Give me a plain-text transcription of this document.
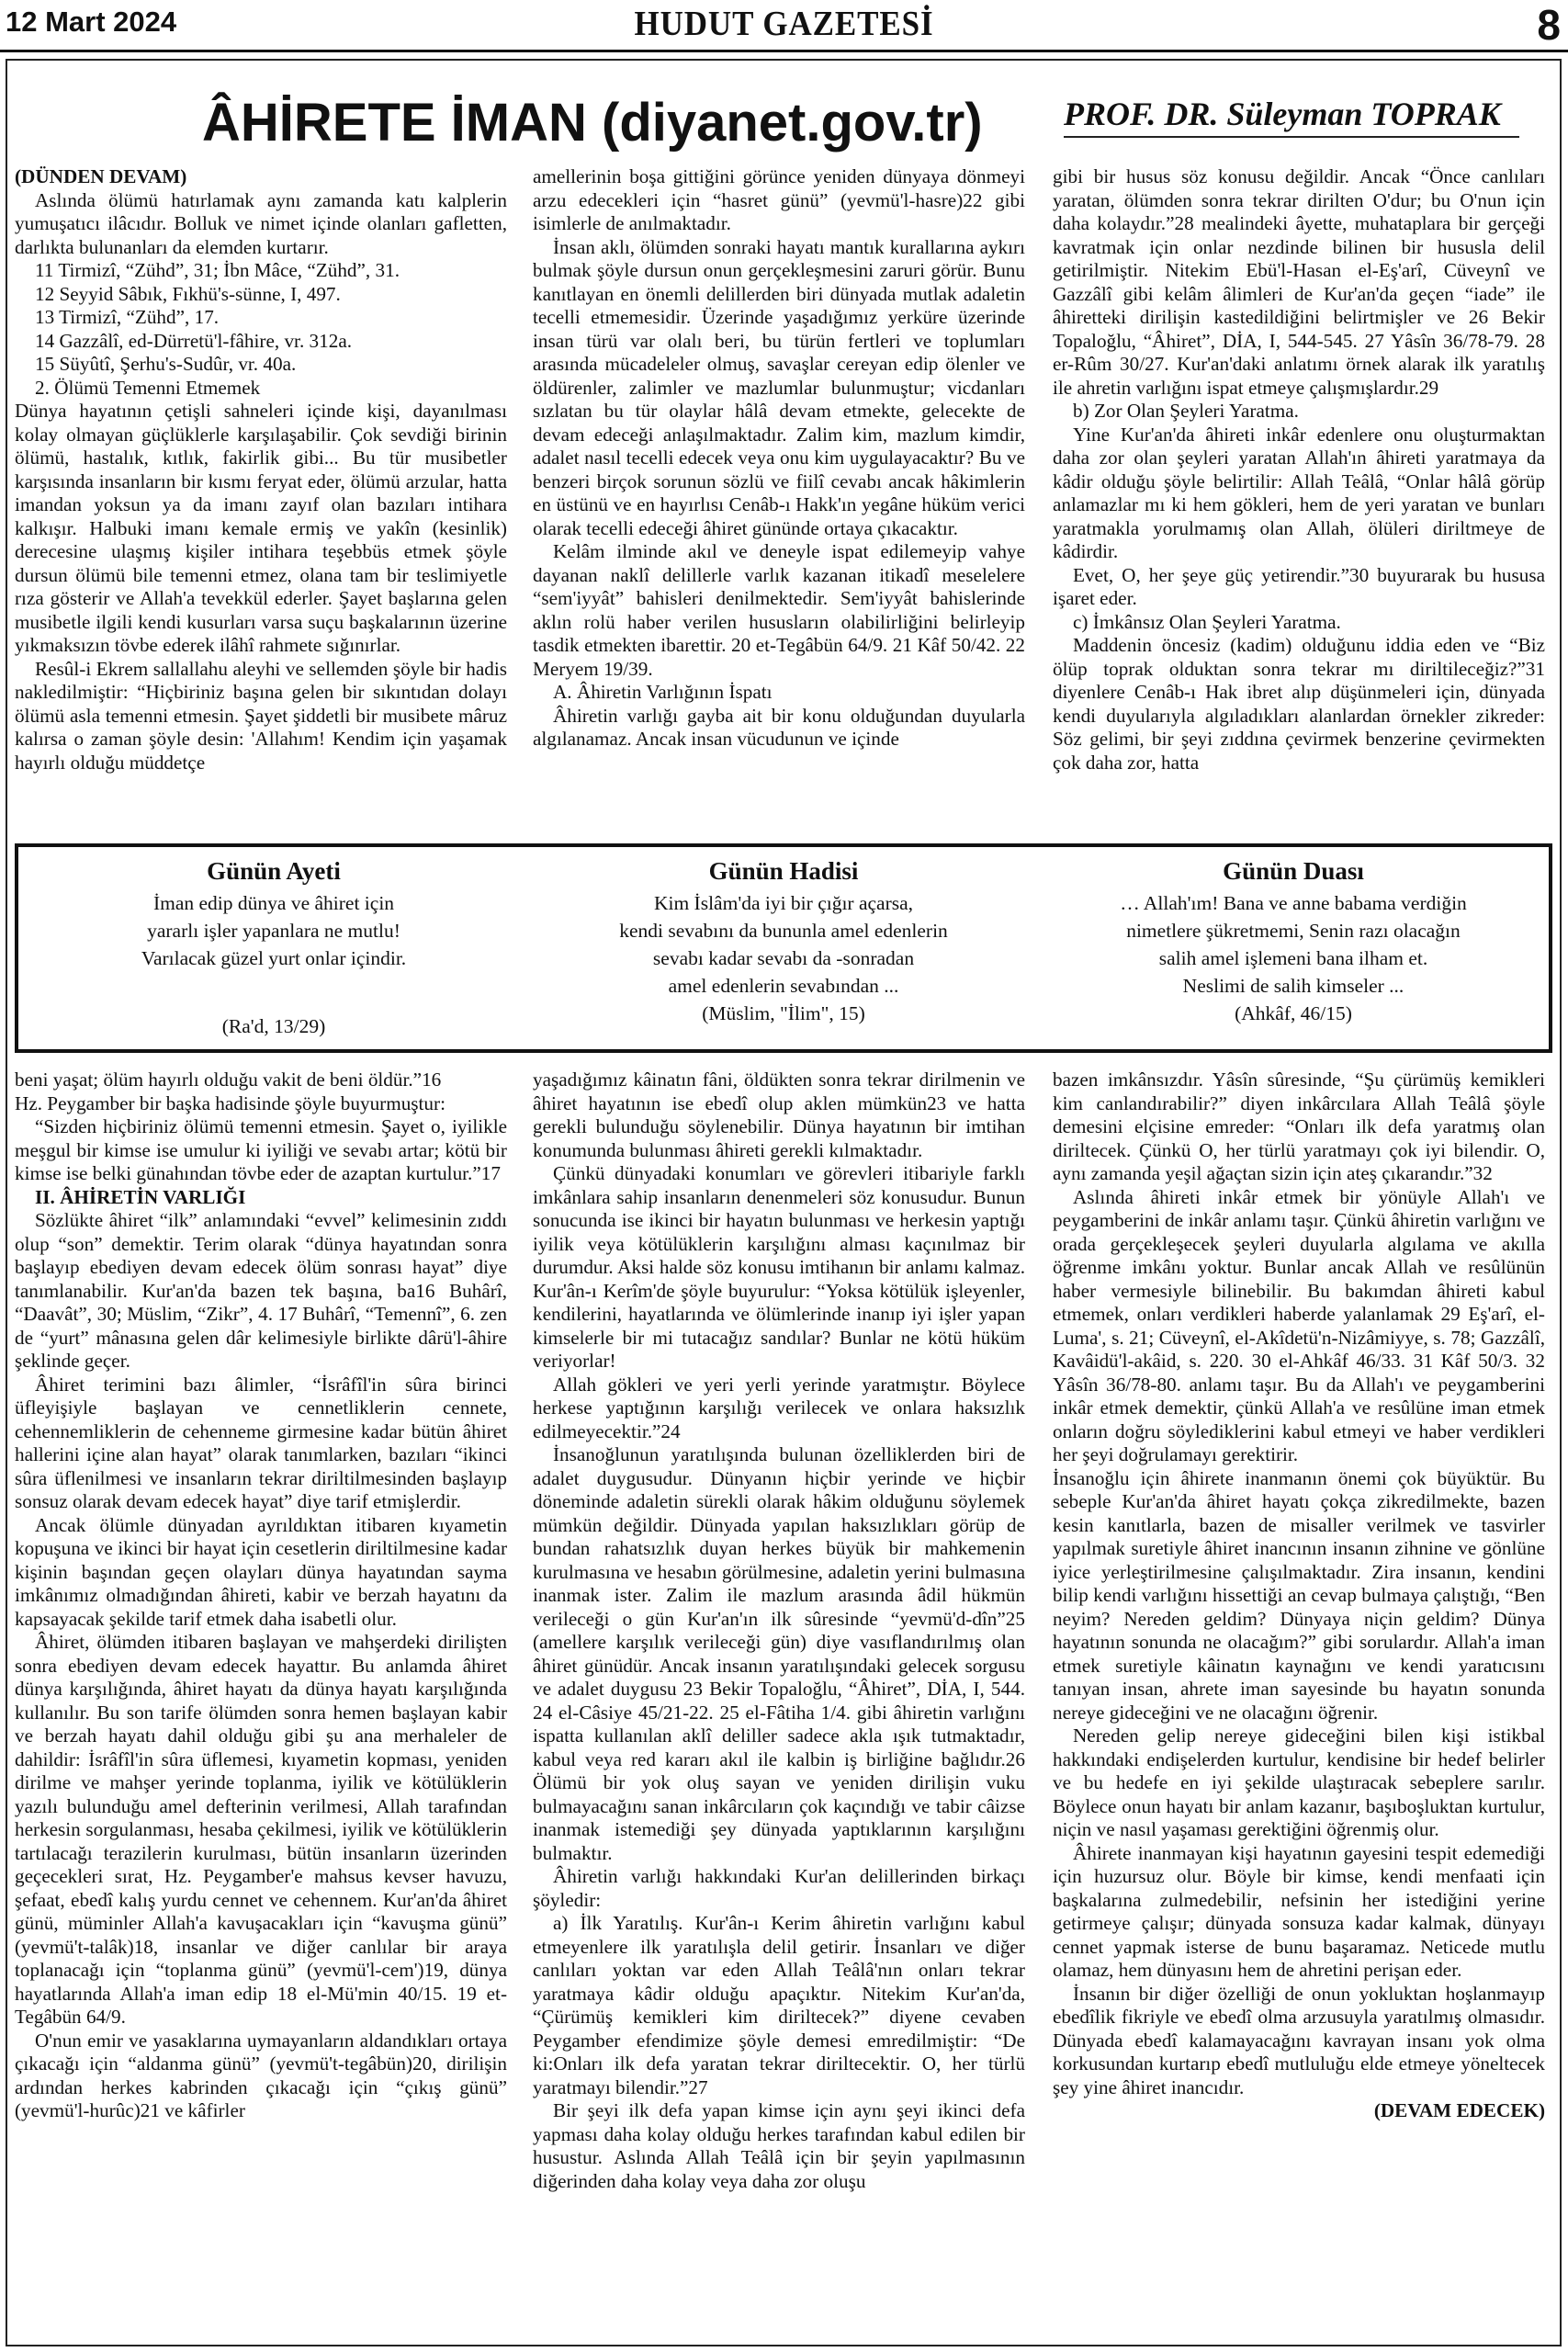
12 Mart 2024	HUDUT GAZETESİ	8
ÂHİRETE İMAN (diyanet.gov.tr) PROF. DR. Süleyman TOPRAK

(DÜNDEN DEVAM)

Aslında ölümü hatırlamak aynı zamanda katı kalplerin yumuşatıcı ilâcıdır. Bolluk ve nimet içinde olanları gafletten, darlıkta bulunanları da elemden kurtarır.

11 Tirmizî, “Zühd”, 31; İbn Mâce, “Zühd”, 31.

12 Seyyid Sâbık, Fıkhü's-sünne, I, 497.

13 Tirmizî, “Zühd”, 17.

14 Gazzâlî, ed-Dürretü'l-fâhire, vr. 312a.

15 Süyûtî, Şerhu's-Sudûr, vr. 40a.

2. Ölümü Temenni Etmemek

Dünya hayatının çetişli sahneleri içinde kişi, dayanılması kolay olmayan güçlüklerle karşılaşabilir. Çok sevdiği birinin ölümü, hastalık, kıtlık, fakirlik gibi... Bu tür musibetler karşısında insanların bir kısmı feryat eder, ölümü arzular, hatta imandan yoksun ya da imanı zayıf olan bazıları intihara kalkışır. Halbuki imanı kemale ermiş ve yakîn (kesinlik) derecesine ulaşmış kişiler intihara teşebbüs etmek şöyle dursun ölümü bile temenni etmez, olana tam bir teslimiyetle rıza gösterir ve Allah'a tevekkül ederler. Şayet başlarına gelen musibetle ilgili kendi kusurları varsa suçu başkalarının üzerine yıkmaksızın tövbe ederek ilâhî rahmete sığınırlar.

Resûl-i Ekrem sallallahu aleyhi ve sellemden şöyle bir hadis nakledilmiştir: “Hiçbiriniz başına gelen bir sıkıntıdan dolayı ölümü asla temenni etmesin. Şayet şiddetli bir musibete mâruz kalırsa o zaman şöyle desin: 'Allahım! Kendim için yaşamak hayırlı olduğu müddetçe

amellerinin boşa gittiğini görünce yeniden dünyaya dönmeyi arzu edecekleri için “hasret günü” (yevmü'l-hasre)22 gibi isimlerle de anılmaktadır.

İnsan aklı, ölümden sonraki hayatı mantık kurallarına aykırı bulmak şöyle dursun onun gerçekleşmesini zaruri görür. Bunu kanıtlayan en önemli delillerden biri dünyada mutlak adaletin tecelli etmemesidir. Üzerinde yaşadığımız yerküre üzerinde insan türü var olalı beri, bu türün fertleri ve toplumları arasında mücadeleler olmuş, savaşlar cereyan edip ölenler ve öldürenler, zalimler ve mazlumlar bulunmuştur; vicdanları sızlatan bu tür olaylar hâlâ devam etmekte, gelecekte de devam edeceği anlaşılmaktadır. Zalim kim, mazlum kimdir, adalet nasıl tecelli edecek veya onu kim uygulayacaktır? Bu ve benzeri birçok sorunun sözlü ve fiilî cevabı ancak hâkimlerin en üstünü ve en hayırlısı Cenâb-ı Hakk'ın yegâne hüküm verici olarak tecelli edeceği âhiret gününde ortaya çıkacaktır.

Kelâm ilminde akıl ve deneyle ispat edilemeyip vahye dayanan naklî delillerle varlık kazanan itikadî meselelere “sem'iyyât” bahisleri denilmektedir. Sem'iyyât bahislerinde aklın rolü haber verilen hususların olabilirliğini belirleyip tasdik etmekten ibarettir. 20 et-Tegâbün 64/9. 21 Kâf 50/42. 22 Meryem 19/39.

A. Âhiretin Varlığının İspatı

Âhiretin varlığı gayba ait bir konu olduğundan duyularla algılanamaz. Ancak insan vücudunun ve içinde

gibi bir husus söz konusu değildir. Ancak “Önce canlıları yaratan, ölümden sonra tekrar dirilten O'dur; bu O'nun için daha kolaydır.”28 mealindeki âyette, muhataplara bir gerçeği kavratmak için onlar nezdinde bilinen bir hususla delil getirilmiştir. Nitekim Ebü'l-Hasan el-Eş'arî, Cüveynî ve Gazzâlî gibi kelâm âlimleri de Kur'an'da geçen “iade” ile âhiretteki dirilişin kastedildiğini belirtmişler ve 26 Bekir Topaloğlu, “Âhiret”, DİA, I, 544-545. 27 Yâsîn 36/78-79. 28 er-Rûm 30/27. Kur'an'daki anlatımı örnek alarak ilk yaratılış ile ahretin varlığını ispat etmeye çalışmışlardır.29

b) Zor Olan Şeyleri Yaratma.

Yine Kur'an'da âhireti inkâr edenlere onu oluşturmaktan daha zor olan şeyleri yaratan Allah'ın âhireti yaratmaya da kâdir olduğu şöyle belirtilir: Allah Teâlâ, “Onlar hâlâ görüp anlamazlar mı ki hem gökleri, hem de yeri yaratan ve bunları yaratmakla yorulmamış olan Allah, ölüleri diriltmeye de kâdirdir.

Evet, O, her şeye güç yetirendir.”30 buyurarak bu hususa işaret eder.

c) İmkânsız Olan Şeyleri Yaratma.

Maddenin öncesiz (kadim) olduğunu iddia eden ve “Biz ölüp toprak olduktan sonra tekrar mı diriltileceğiz?”31 diyenlere Cenâb-ı Hak ibret alıp düşünmeleri için, dünyada kendi duyularıyla algıladıkları alanlardan örnekler zikreder: Söz gelimi, bir şeyi zıddına çevirmek benzerine çevirmekten çok daha zor, hatta

Günün Ayeti
İman edip dünya ve âhiret için
yararlı işler yapanlara ne mutlu!
Varılacak güzel yurt onlar içindir.
(Ra'd, 13/29)
Günün Hadisi
Kim İslâm'da iyi bir çığır açarsa,
kendi sevabını da bununla amel edenlerin
sevabı kadar sevabı da -sonradan
amel edenlerin sevabından ...
(Müslim, "İlim", 15)
Günün Duası
… Allah'ım! Bana ve anne babama verdiğin
nimetlere şükretmemi, Senin razı olacağın
salih amel işlemeni bana ilham et.
Neslimi de salih kimseler ...
(Ahkâf, 46/15)

beni yaşat; ölüm hayırlı olduğu vakit de beni öldür.”16

Hz. Peygamber bir başka hadisinde şöyle buyurmuştur:

“Sizden hiçbiriniz ölümü temenni etmesin. Şayet o, iyilikle meşgul bir kimse ise umulur ki iyiliği ve sevabı artar; kötü bir kimse ise belki günahından tövbe eder de azaptan kurtulur.”17

II. ÂHİRETİN VARLIĞI

Sözlükte âhiret “ilk” anlamındaki “evvel” kelimesinin zıddı olup “son” demektir. Terim olarak “dünya hayatından sonra başlayıp ebediyen devam edecek ölüm sonrası hayat” diye tanımlanabilir. Kur'an'da bazen tek başına, ba16 Buhârî, “Daavât”, 30; Müslim, “Zikr”, 4. 17 Buhârî, “Temennî”, 6. zen de “yurt” mânasına gelen dâr kelimesiyle birlikte dârü'l-âhire şeklinde geçer.

Âhiret terimini bazı âlimler, “İsrâfîl'in sûra birinci üfleyişiyle başlayan ve cennetliklerin cennete, cehennemliklerin de cehenneme girmesine kadar bütün âhiret hallerini içine alan hayat” olarak tanımlarken, bazıları “ikinci sûra üflenilmesi ve insanların tekrar diriltilmesinden başlayıp sonsuz olarak devam edecek hayat” diye tarif etmişlerdir.

Ancak ölümle dünyadan ayrıldıktan itibaren kıyametin kopuşuna ve ikinci bir hayat için cesetlerin diriltilmesine kadar kişinin başından geçen olayları dünya hayatından sayma imkânımız olmadığından âhireti, kabir ve berzah hayatını da kapsayacak şekilde tarif etmek daha isabetli olur.

Âhiret, ölümden itibaren başlayan ve mahşerdeki dirilişten sonra ebediyen devam edecek hayattır. Bu anlamda âhiret dünya karşılığında, âhiret hayatı da dünya hayatı karşılığında kullanılır. Bu son tarife ölümden sonra hemen başlayan kabir ve berzah hayatı dahil olduğu gibi şu ana merhaleler de dahildir: İsrâfîl'in sûra üflemesi, kıyametin kopması, yeniden dirilme ve mahşer yerinde toplanma, iyilik ve kötülüklerin yazılı bulunduğu amel defterinin verilmesi, Allah tarafından herkesin sorgulanması, hesaba çekilmesi, iyilik ve kötülüklerin tartılacağı terazilerin kurulması, bütün insanların üzerinden geçecekleri sırat, Hz. Peygamber'e mahsus kevser havuzu, şefaat, ebedî kalış yurdu cennet ve cehennem. Kur'an'da âhiret günü, müminler Allah'a kavuşacakları için “kavuşma günü” (yevmü't-talâk)18, insanlar ve diğer canlılar bir araya toplanacağı için “toplanma günü” (yevmü'l-cem')19, dünya hayatlarında Allah'a iman edip 18 el-Mü'min 40/15. 19 et-Tegâbün 64/9.

O'nun emir ve yasaklarına uymayanların aldandıkları ortaya çıkacağı için “aldanma günü” (yevmü't-tegâbün)20, dirilişin ardından herkes kabrinden çıkacağı için “çıkış günü” (yevmü'l-hurûc)21 ve kâfirler

yaşadığımız kâinatın fâni, öldükten sonra tekrar dirilmenin ve âhiret hayatının ise ebedî olup aklen mümkün23 ve hatta gerekli bulunduğu söylenebilir. Dünya hayatının bir imtihan konumunda bulunması âhireti gerekli kılmaktadır.

Çünkü dünyadaki konumları ve görevleri itibariyle farklı imkânlara sahip insanların denenmeleri söz konusudur. Bunun sonucunda ise ikinci bir hayatın bulunması ve herkesin yaptığı iyilik veya kötülüklerin karşılığını alması kaçınılmaz bir durumdur. Aksi halde söz konusu imtihanın bir anlamı kalmaz. Kur'ân-ı Kerîm'de şöyle buyurulur: “Yoksa kötülük işleyenler, kendilerini, hayatlarında ve ölümlerinde inanıp iyi işler yapan kimselerle bir mi tutacağız sandılar? Bunlar ne kötü hüküm veriyorlar!

Allah gökleri ve yeri yerli yerinde yaratmıştır. Böylece herkese yaptığının karşılığı verilecek ve onlara haksızlık edilmeyecektir.”24

İnsanoğlunun yaratılışında bulunan özelliklerden biri de adalet duygusudur. Dünyanın hiçbir yerinde ve hiçbir döneminde adaletin sürekli olarak hâkim olduğunu söylemek mümkün değildir. Dünyada yapılan haksızlıkları görüp de bundan rahatsızlık duyan herkes büyük bir mahkemenin kurulmasına ve hesabın görülmesine, adaletin yerini bulmasına inanmak ister. Zalim ile mazlum arasında âdil hükmün verileceği o gün Kur'an'ın ilk sûresinde “yevmü'd-dîn”25 (amellere karşılık verileceği gün) diye vasıflandırılmış olan âhiret günüdür. Ancak insanın yaratılışındaki gelecek sorgusu ve adalet duygusu 23 Bekir Topaloğlu, “Âhiret”, DİA, I, 544. 24 el-Câsiye 45/21-22. 25 el-Fâtiha 1/4. gibi âhiretin varlığını ispatta kullanılan aklî deliller sadece akla ışık tutmaktadır, kabul veya red kararı akıl ile kalbin iş birliğine bağlıdır.26 Ölümü bir yok oluş sayan ve yeniden dirilişin vuku bulmayacağını sanan inkârcıların çok kaçındığı ve tabir câizse inanmak istemediği şey dünyada yaptıklarının karşılığını bulmaktır.

Âhiretin varlığı hakkındaki Kur'an delillerinden birkaçı şöyledir:

a) İlk Yaratılış. Kur'ân-ı Kerim âhiretin varlığını kabul etmeyenlere ilk yaratılışla delil getirir. İnsanları ve diğer canlıları yoktan var eden Allah Teâlâ'nın onları tekrar yaratmaya kâdir olduğu apaçıktır. Nitekim Kur'an'da, “Çürümüş kemikleri kim diriltecek?” diyene cevaben Peygamber efendimize şöyle demesi emredilmiştir: “De ki:Onları ilk defa yaratan tekrar diriltecektir. O, her türlü yaratmayı bilendir.”27

Bir şeyi ilk defa yapan kimse için aynı şeyi ikinci defa yapması daha kolay olduğu herkes tarafından kabul edilen bir husustur. Aslında Allah Teâlâ için bir şeyin yapılmasının diğerinden daha kolay veya daha zor oluşu

bazen imkânsızdır. Yâsîn sûresinde, “Şu çürümüş kemikleri kim canlandırabilir?” diyen inkârcılara Allah Teâlâ şöyle demesini elçisine emreder: “Onları ilk defa yaratmış olan diriltecek. Çünkü O, her türlü yaratmayı çok iyi bilendir. O, aynı zamanda yeşil ağaçtan sizin için ateş çıkarandır.”32

Aslında âhireti inkâr etmek bir yönüyle Allah'ı ve peygamberini de inkâr anlamı taşır. Çünkü âhiretin varlığını ve orada gerçekleşecek şeyleri duyularla algılama ve akılla öğrenme imkânı yoktur. Bunlar ancak Allah ve resûlünün haber vermesiyle bilinebilir. Bu bakımdan âhireti kabul etmemek, onları verdikleri haberde yalanlamak 29 Eş'arî, el-Luma', s. 21; Cüveynî, el-Akîdetü'n-Nizâmiyye, s. 78; Gazzâlî, Kavâidü'l-akâid, s. 220. 30 el-Ahkâf 46/33. 31 Kâf 50/3. 32 Yâsîn 36/78-80. anlamı taşır. Bu da Allah'ı ve peygamberini inkâr etmek demektir, çünkü Allah'a ve resûlüne iman etmek onların doğru söylediklerini kabul etmeyi ve haber verdikleri her şeyi doğrulamayı gerektirir.

İnsanoğlu için âhirete inanmanın önemi çok büyüktür. Bu sebeple Kur'an'da âhiret hayatı çokça zikredilmekte, bazen kesin kanıtlarla, bazen de misaller verilmek ve tasvirler yapılmak suretiyle âhiret inancının insanın zihnine ve gönlüne iyice yerleştirilmesine çalışılmaktadır. Zira insanın, kendini bilip kendi varlığını hissettiği an cevap bulmaya çalıştığı, “Ben neyim? Nereden geldim? Dünyaya niçin geldim? Dünya hayatının sonunda ne olacağım?” gibi sorulardır. Allah'a iman etmek suretiyle kâinatın kaynağını ve kendi yaratıcısını tanıyan insan, ahrete iman sayesinde bu hayatın sonunda nereye gideceğini ve ne olacağını öğrenir.

Nereden gelip nereye gideceğini bilen kişi istikbal hakkındaki endişelerden kurtulur, kendisine bir hedef belirler ve bu hedefe en iyi şekilde ulaştıracak sebeplere sarılır. Böylece onun hayatı bir anlam kazanır, başıboşluktan kurtulur, niçin ve nasıl yaşaması gerektiğini öğrenmiş olur.

Âhirete inanmayan kişi hayatının gayesini tespit edemediği için huzursuz olur. Böyle bir kimse, kendi menfaati için başkalarına zulmedebilir, nefsinin her istediğini yerine getirmeye çalışır; dünyada sonsuza kadar kalmak, dünyayı cennet yapmak isterse de bunu başaramaz. Neticede mutlu olamaz, hem dünyasını hem de ahretini perişan eder.

İnsanın bir diğer özelliği de onun yokluktan hoşlanmayıp ebedîlik fikriyle ve ebedî olma arzusuyla yaratılmış olmasıdır. Dünyada ebedî kalamayacağını kavrayan insanı yok olma korkusundan kurtarıp ebedî mutluluğu elde etmeye yöneltecek şey yine âhiret inancıdır.

(DEVAM EDECEK)
